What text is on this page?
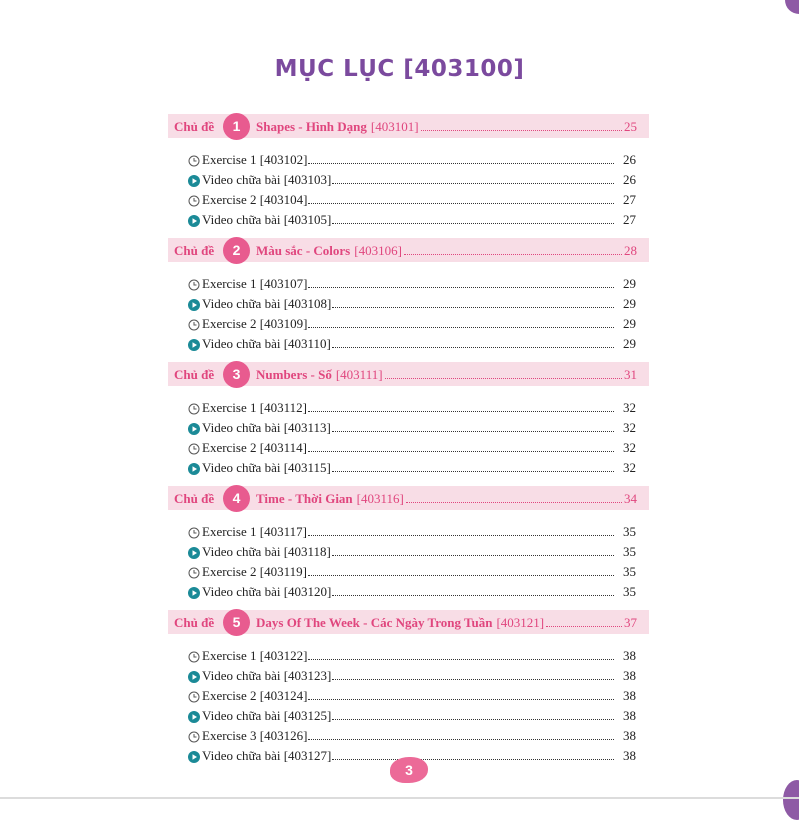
MỤC LỤC [403100]
Chủ đề	1	Shapes - Hình Dạng [403101]	25
Exercise 1 [403102]	26
Video chữa bài [403103]	26
Exercise 2 [403104]	27
Video chữa bài [403105]	27
Chủ đề	2	Màu sắc - Colors [403106]	28
Exercise 1 [403107]	29
Video chữa bài [403108]	29
Exercise 2 [403109]	29
Video chữa bài [403110]	29
Chủ đề	3	Numbers - Số [403111]	31
Exercise 1 [403112]	32
Video chữa bài [403113]	32
Exercise 2 [403114]	32
Video chữa bài [403115]	32
Chủ đề	4	Time - Thời Gian [403116]	34
Exercise 1 [403117]	35
Video chữa bài [403118]	35
Exercise 2 [403119]	35
Video chữa bài [403120]	35
Chủ đề	5	Days Of The Week - Các Ngày Trong Tuần [403121]	37
Exercise 1 [403122]	38
Video chữa bài [403123]	38
Exercise 2 [403124]	38
Video chữa bài [403125]	38
Exercise 3 [403126]	38
Video chữa bài [403127]	38
3
